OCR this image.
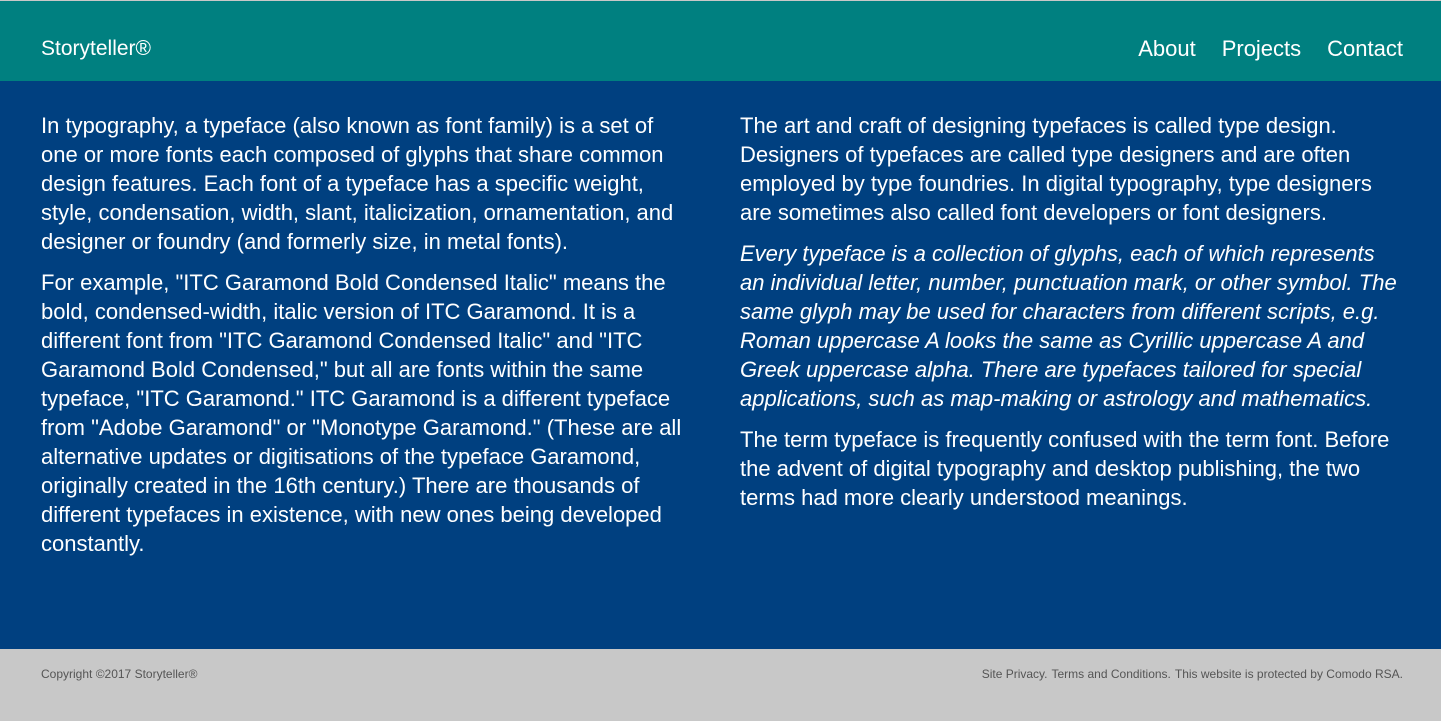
Storyteller®	About Projects Contact

In typography, a typeface (also known as font family) is a set of one or more fonts each composed of glyphs that share common design features. Each font of a typeface has a specific weight, style, condensation, width, slant, italicization, ornamentation, and designer or foundry (and formerly size, in metal fonts).

For example, "ITC Garamond Bold Condensed Italic" means the bold, condensed-width, italic version of ITC Garamond. It is a different font from "ITC Garamond Condensed Italic" and "ITC Garamond Bold Condensed," but all are fonts within the same typeface, "ITC Garamond." ITC Garamond is a different typeface from "Adobe Garamond" or "Monotype Garamond." (These are all alternative updates or digitisations of the typeface Garamond, originally created in the 16th century.) There are thousands of different typefaces in existence, with new ones being developed constantly.

The art and craft of designing typefaces is called type design. Designers of typefaces are called type designers and are often employed by type foundries. In digital typography, type designers are sometimes also called font developers or font designers.

Every typeface is a collection of glyphs, each of which represents an individual letter, number, punctuation mark, or other symbol. The same glyph may be used for characters from different scripts, e.g. Roman uppercase A looks the same as Cyrillic uppercase A and Greek uppercase alpha. There are typefaces tailored for special applications, such as map-making or astrology and mathematics.

The term typeface is frequently confused with the term font. Before the advent of digital typography and desktop publishing, the two terms had more clearly understood meanings.

Copyright ©2017 Storyteller®	Site Privacy. Terms and Conditions. This website is protected by Comodo RSA.
